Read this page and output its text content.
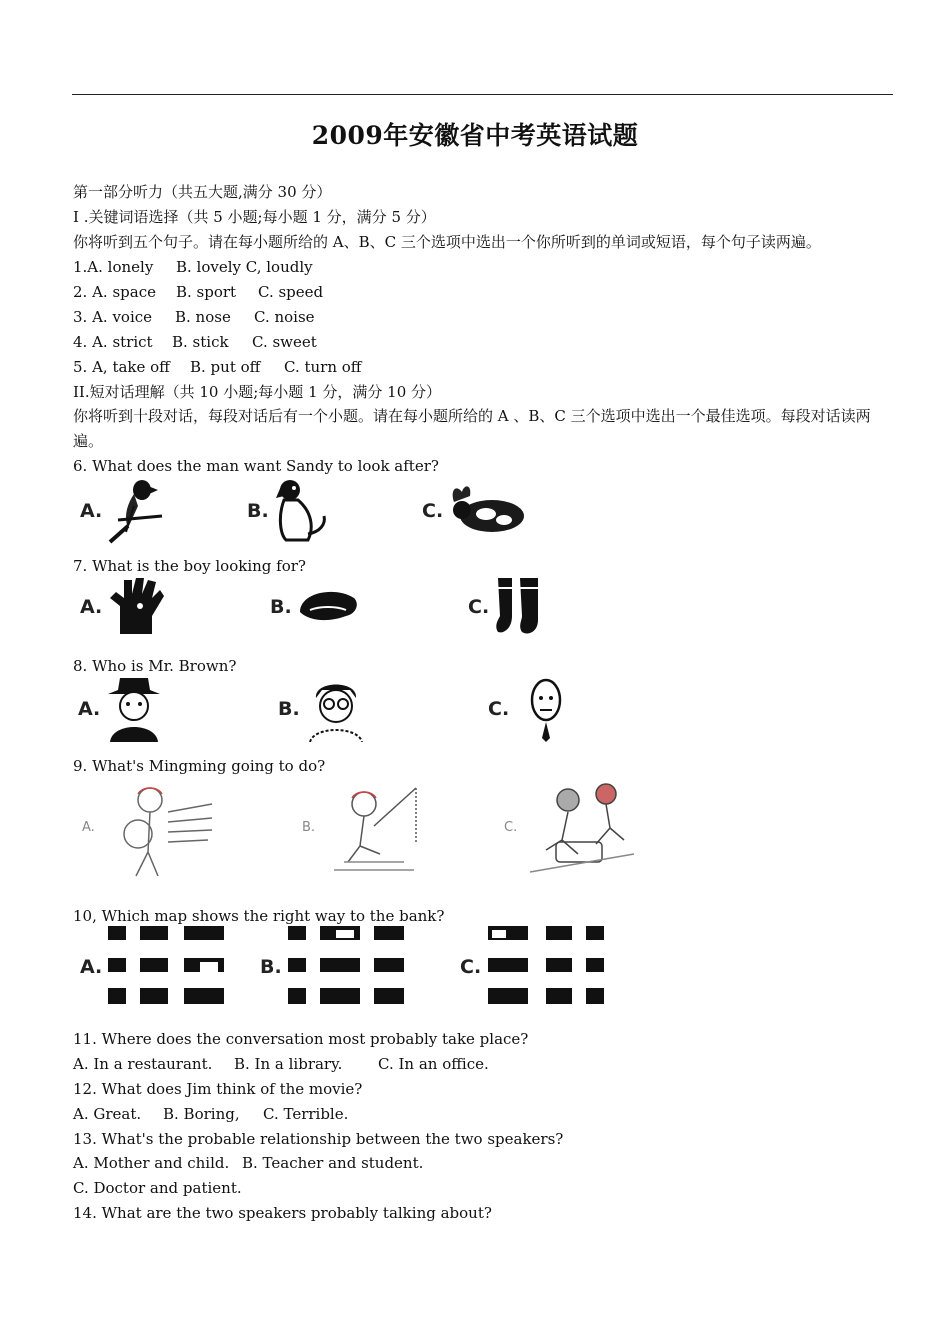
2009年安徽省中考英语试题
第一部分听力（共五大题,满分 30 分）
I .关键词语选择（共 5 小题;每小题 1 分，满分 5 分）
你将听到五个句子。请在每小题所给的 A、B、C 三个选项中选出一个你所听到的单词或短语，每个句子读两遍。
1.A. lonely B. lovely C, loudly
2. A. space B. sport C. speed
3. A. voice B. nose C. noise
4. A. strict B. stick C. sweet
5. A, take off B. put off C. turn off
II.短对话理解（共 10 小题;每小题 1 分，满分 10 分）
你将听到十段对话，每段对话后有一个小题。请在每小题所给的 A 、B、C 三个选项中选出一个最佳选项。每段对话读两遍。
6. What does the man want Sandy to look after?
A.	B.	C.
7. What is the boy looking for?
A.	B.	C.
8. Who is Mr. Brown?
A.	B.	C.
9. What's Mingming going to do?
A.	B.	C.
10, Which map shows the right way to the bank?
A.	B.	C.
11. Where does the conversation most probably take place?
A. In a restaurant. B. In a library. C. In an office.
12. What does Jim think of the movie?
A. Great. B. Boring, C. Terrible.
13. What's the probable relationship between the two speakers?
A. Mother and child. B. Teacher and student.
C. Doctor and patient.
14. What are the two speakers probably talking about?
